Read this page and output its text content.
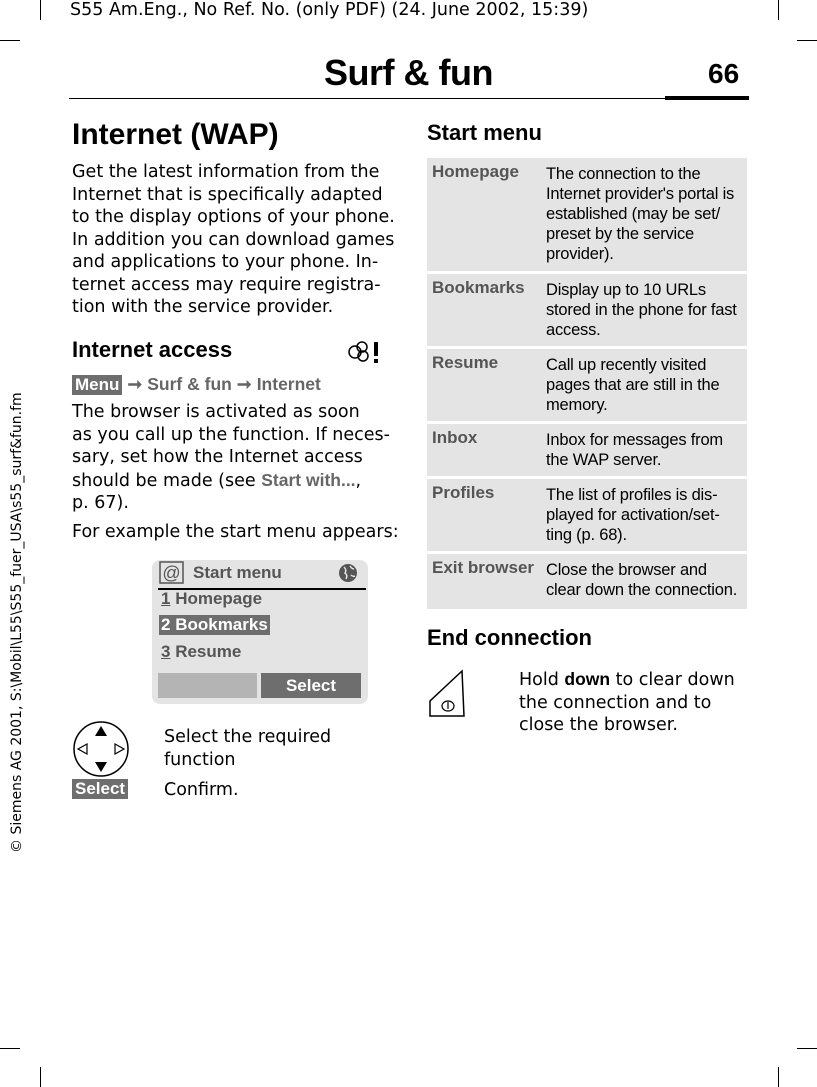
S55 Am.Eng., No Ref. No. (only PDF) (24. June 2002, 15:39)
© Siemens AG 2001, S:\Mobil\L55\S55_fuer_USA\s55_surf&fun.fm
Surf & fun	66
Internet (WAP)
Get the latest information from the
Internet that is specifically adapted
to the display options of your phone.
In addition you can download games
and applications to your phone. In-
ternet access may require registra-
tion with the service provider.
Internet access
Menu ➞ Surf & fun ➞ Internet
The browser is activated as soon
as you call up the function. If neces-
sary, set how the Internet access
should be made (see Start with...,
p. 67).
For example the start menu appears:
@ Start menu
1 Homepage
2 Bookmarks
3 Resume
Select
Select the required
function
Select Confirm.
Start menu
Homepage The connection to the
Internet provider's portal is
established (may be set/
preset by the service
provider).
Bookmarks Display up to 10 URLs
stored in the phone for fast
access.
Resume	Call up recently visited
pages that are still in the
memory.
Inbox	Inbox for messages from
the WAP server.
Profiles	The list of profiles is dis-
played for activation/set-
ting (p. 68).
Exit browser Close the browser and
clear down the connection.
End connection
Hold down to clear down
the connection and to
close the browser.
